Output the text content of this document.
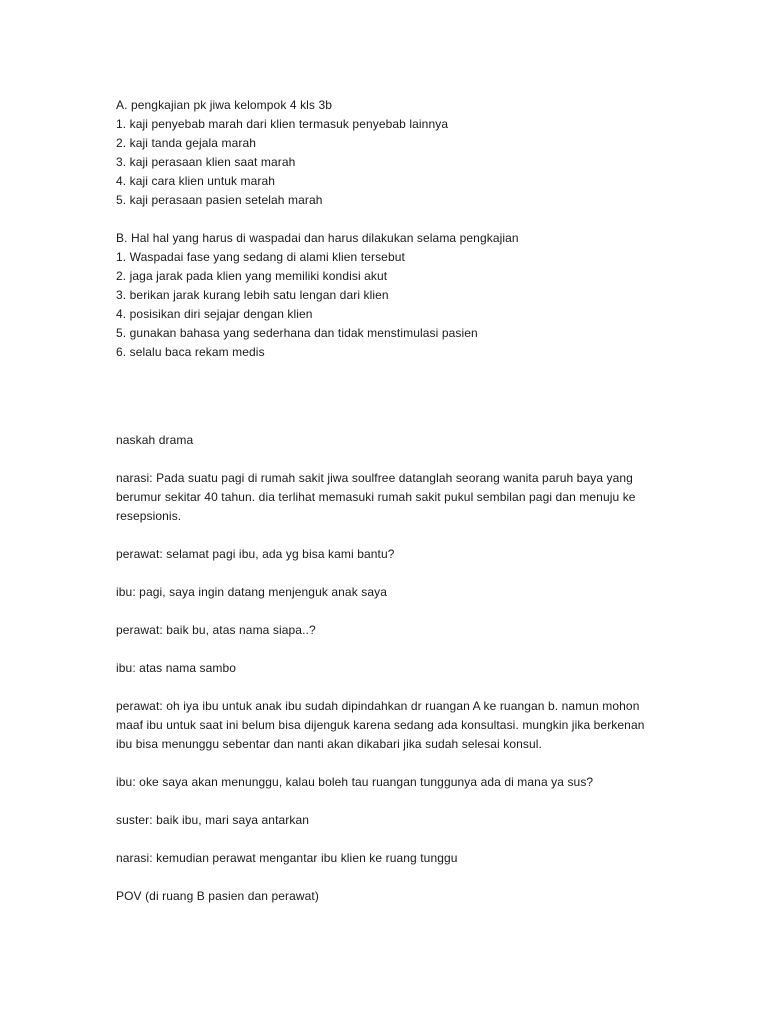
A. pengkajian pk jiwa kelompok 4 kls 3b
1. kaji penyebab marah dari klien termasuk penyebab lainnya
2. kaji tanda gejala marah
3. kaji perasaan klien saat marah
4. kaji cara klien untuk marah
5. kaji perasaan pasien setelah marah
B. Hal hal yang harus di waspadai dan harus dilakukan selama pengkajian
1. Waspadai fase yang sedang di alami klien tersebut
2. jaga jarak pada klien yang memiliki kondisi akut
3. berikan jarak kurang lebih satu lengan dari klien
4. posisikan diri sejajar dengan klien
5. gunakan bahasa yang sederhana dan tidak menstimulasi pasien
6. selalu baca rekam medis
naskah drama
narasi: Pada suatu pagi di rumah sakit jiwa soulfree datanglah seorang wanita paruh baya yang
berumur sekitar 40 tahun. dia terlihat memasuki rumah sakit pukul sembilan pagi dan menuju ke
resepsionis.
perawat: selamat pagi ibu, ada yg bisa kami bantu?
ibu: pagi, saya ingin datang menjenguk anak saya
perawat: baik bu, atas nama siapa..?
ibu: atas nama sambo
perawat: oh iya ibu untuk anak ibu sudah dipindahkan dr ruangan A ke ruangan b. namun mohon
maaf ibu untuk saat ini belum bisa dijenguk karena sedang ada konsultasi. mungkin jika berkenan
ibu bisa menunggu sebentar dan nanti akan dikabari jika sudah selesai konsul.
ibu: oke saya akan menunggu, kalau boleh tau ruangan tunggunya ada di mana ya sus?
suster: baik ibu, mari saya antarkan
narasi: kemudian perawat mengantar ibu klien ke ruang tunggu
POV (di ruang B pasien dan perawat)
